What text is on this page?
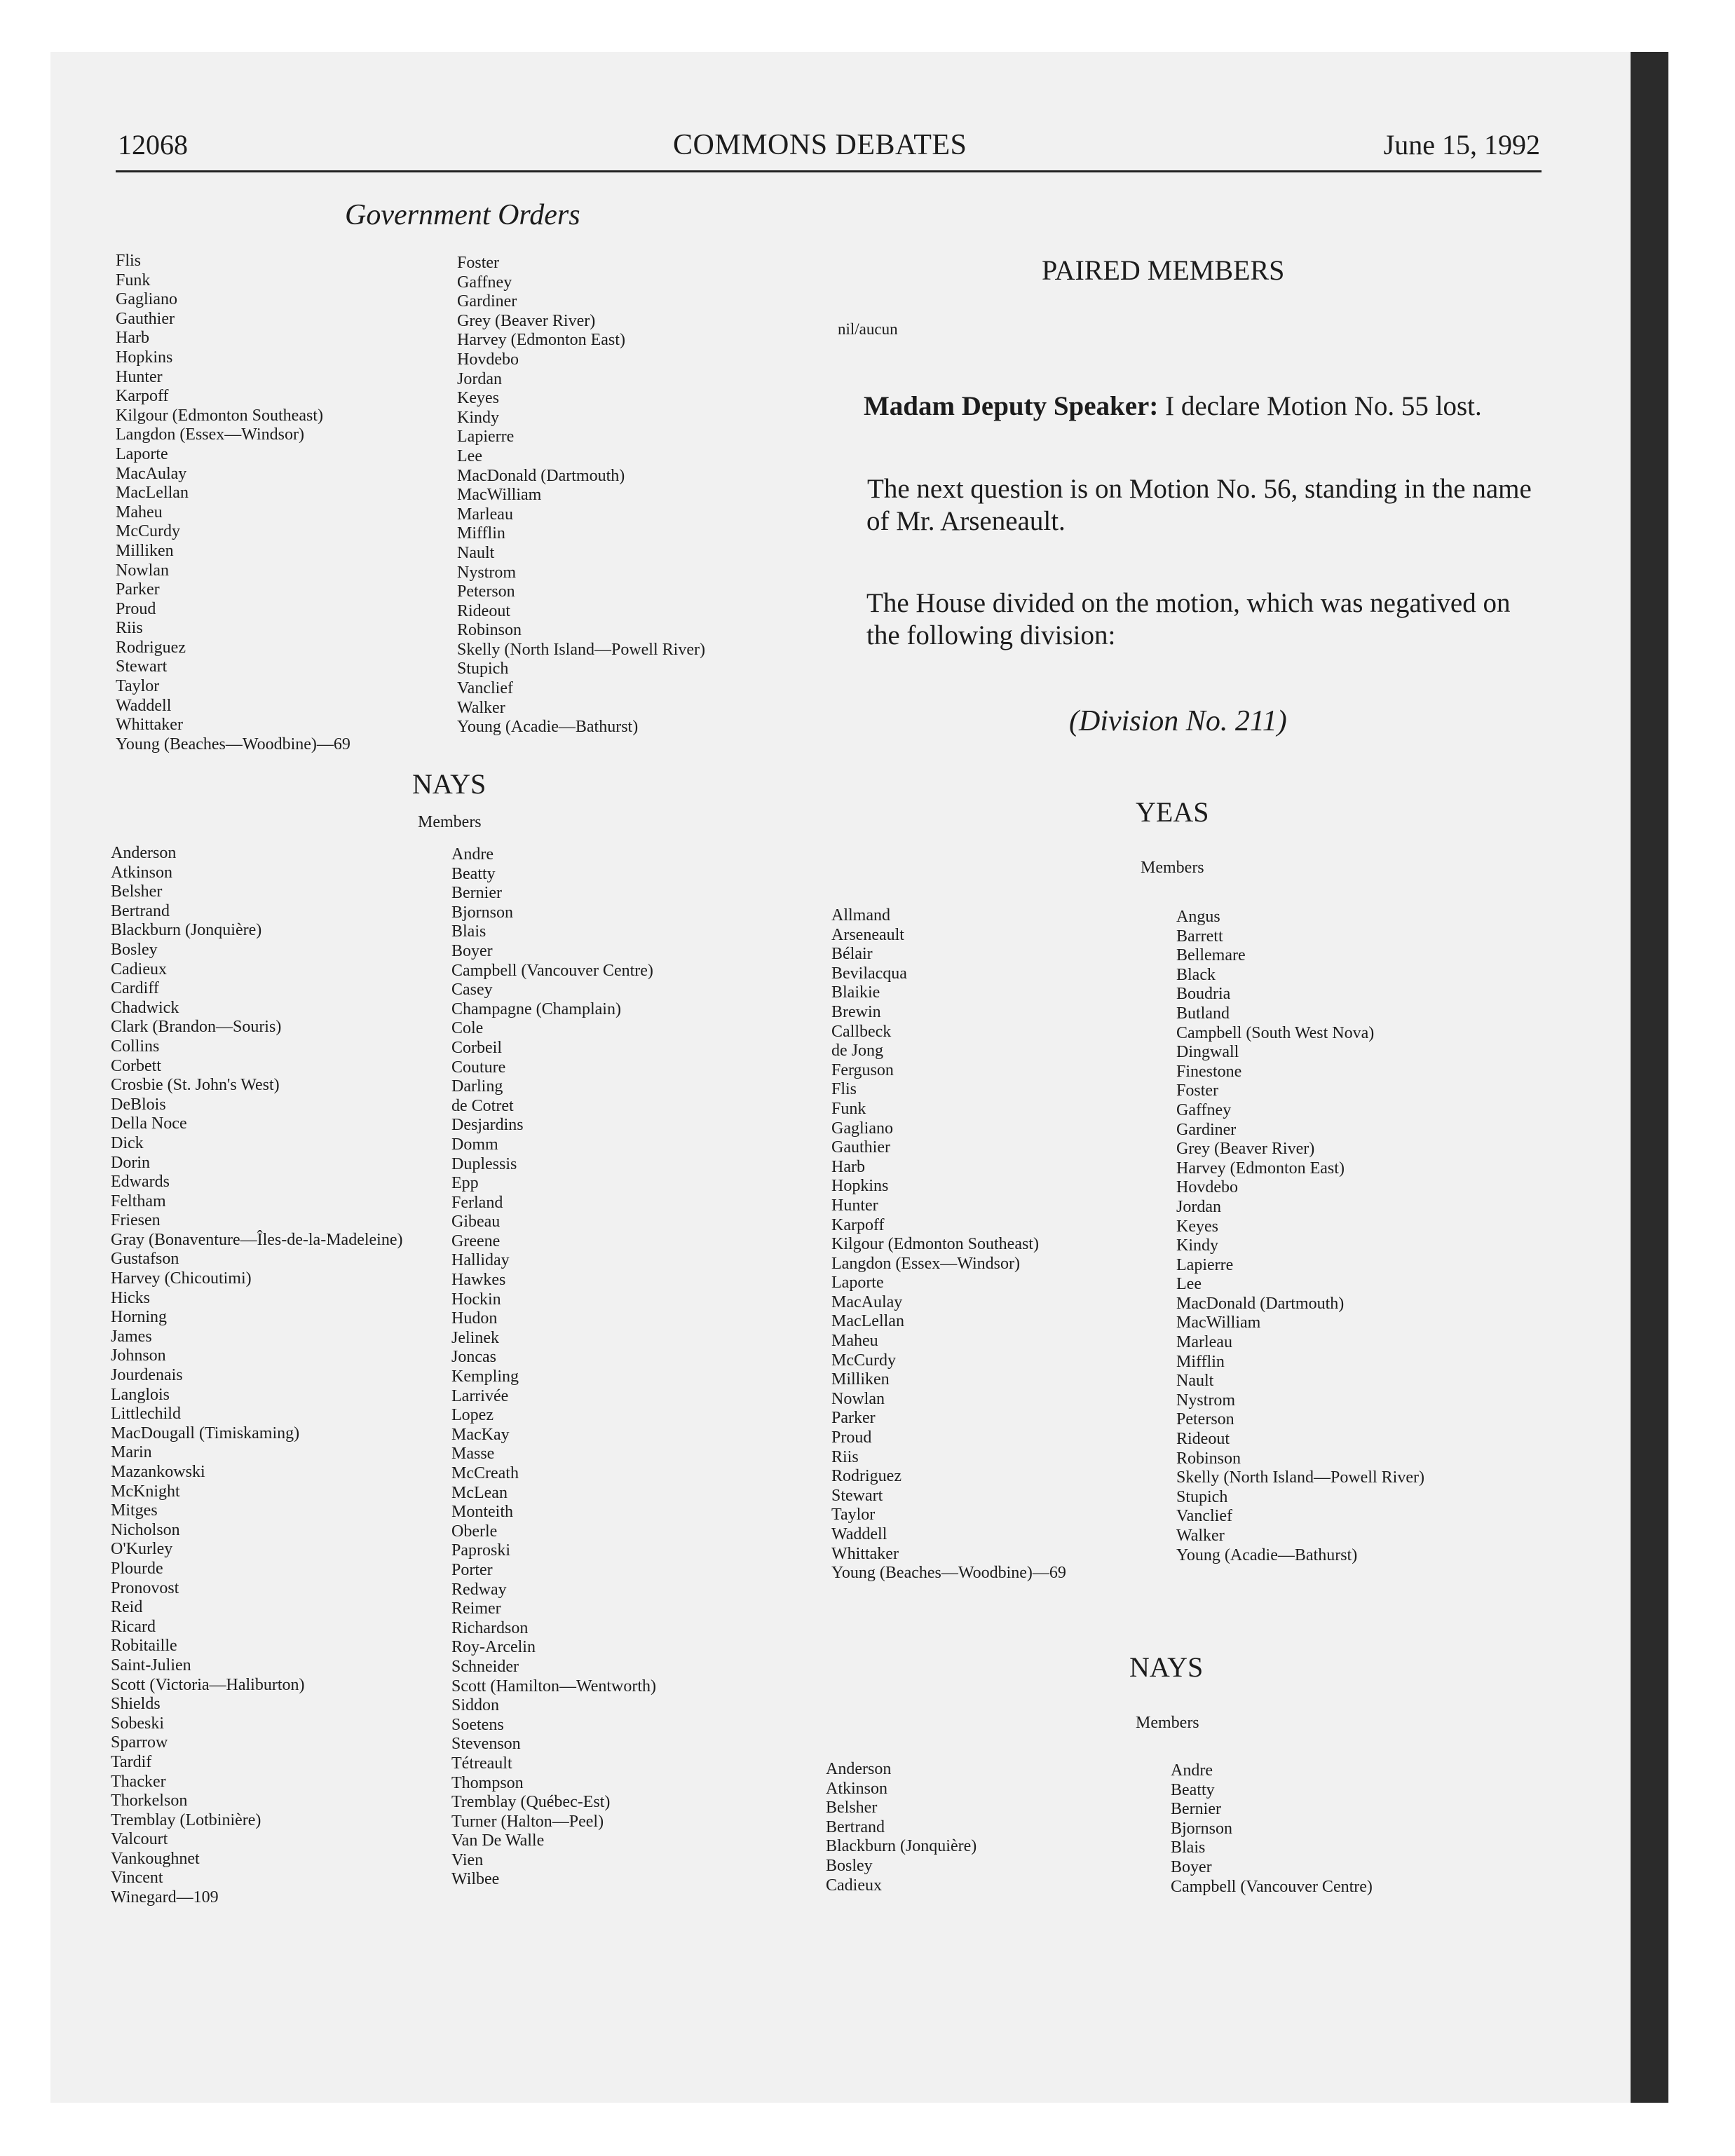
12068	COMMONS DEBATES	June 15, 1992
Government Orders
Flis
Funk
Gagliano
Gauthier
Harb
Hopkins
Hunter
Karpoff
Kilgour (Edmonton Southeast)
Langdon (Essex—Windsor)
Laporte
MacAulay
MacLellan
Maheu
McCurdy
Milliken
Nowlan
Parker
Proud
Riis
Rodriguez
Stewart
Taylor
Waddell
Whittaker
Young (Beaches—Woodbine)—69
Foster
Gaffney
Gardiner
Grey (Beaver River)
Harvey (Edmonton East)
Hovdebo
Jordan
Keyes
Kindy
Lapierre
Lee
MacDonald (Dartmouth)
MacWilliam
Marleau
Mifflin
Nault
Nystrom
Peterson
Rideout
Robinson
Skelly (North Island—Powell River)
Stupich
Vanclief
Walker
Young (Acadie—Bathurst)
NAYS
Members
Anderson
Atkinson
Belsher
Bertrand
Blackburn (Jonquière)
Bosley
Cadieux
Cardiff
Chadwick
Clark (Brandon—Souris)
Collins
Corbett
Crosbie (St. John's West)
DeBlois
Della Noce
Dick
Dorin
Edwards
Feltham
Friesen
Gray (Bonaventure—Îles-de-la-Madeleine)
Gustafson
Harvey (Chicoutimi)
Hicks
Horning
James
Johnson
Jourdenais
Langlois
Littlechild
MacDougall (Timiskaming)
Marin
Mazankowski
McKnight
Mitges
Nicholson
O'Kurley
Plourde
Pronovost
Reid
Ricard
Robitaille
Saint-Julien
Scott (Victoria—Haliburton)
Shields
Sobeski
Sparrow
Tardif
Thacker
Thorkelson
Tremblay (Lotbinière)
Valcourt
Vankoughnet
Vincent
Winegard—109
Andre
Beatty
Bernier
Bjornson
Blais
Boyer
Campbell (Vancouver Centre)
Casey
Champagne (Champlain)
Cole
Corbeil
Couture
Darling
de Cotret
Desjardins
Domm
Duplessis
Epp
Ferland
Gibeau
Greene
Halliday
Hawkes
Hockin
Hudon
Jelinek
Joncas
Kempling
Larrivée
Lopez
MacKay
Masse
McCreath
McLean
Monteith
Oberle
Paproski
Porter
Redway
Reimer
Richardson
Roy-Arcelin
Schneider
Scott (Hamilton—Wentworth)
Siddon
Soetens
Stevenson
Tétreault
Thompson
Tremblay (Québec-Est)
Turner (Halton—Peel)
Van De Walle
Vien
Wilbee
PAIRED MEMBERS
nil/aucun
Madam Deputy Speaker: I declare Motion No. 55 lost.
The next question is on Motion No. 56, standing in the name of Mr. Arseneault.
The House divided on the motion, which was negatived on the following division:
(Division No. 211)
YEAS
Members
Allmand
Arseneault
Bélair
Bevilacqua
Blaikie
Brewin
Callbeck
de Jong
Ferguson
Flis
Funk
Gagliano
Gauthier
Harb
Hopkins
Hunter
Karpoff
Kilgour (Edmonton Southeast)
Langdon (Essex—Windsor)
Laporte
MacAulay
MacLellan
Maheu
McCurdy
Milliken
Nowlan
Parker
Proud
Riis
Rodriguez
Stewart
Taylor
Waddell
Whittaker
Young (Beaches—Woodbine)—69
Angus
Barrett
Bellemare
Black
Boudria
Butland
Campbell (South West Nova)
Dingwall
Finestone
Foster
Gaffney
Gardiner
Grey (Beaver River)
Harvey (Edmonton East)
Hovdebo
Jordan
Keyes
Kindy
Lapierre
Lee
MacDonald (Dartmouth)
MacWilliam
Marleau
Mifflin
Nault
Nystrom
Peterson
Rideout
Robinson
Skelly (North Island—Powell River)
Stupich
Vanclief
Walker
Young (Acadie—Bathurst)
NAYS
Members
Anderson
Atkinson
Belsher
Bertrand
Blackburn (Jonquière)
Bosley
Cadieux
Andre
Beatty
Bernier
Bjornson
Blais
Boyer
Campbell (Vancouver Centre)
